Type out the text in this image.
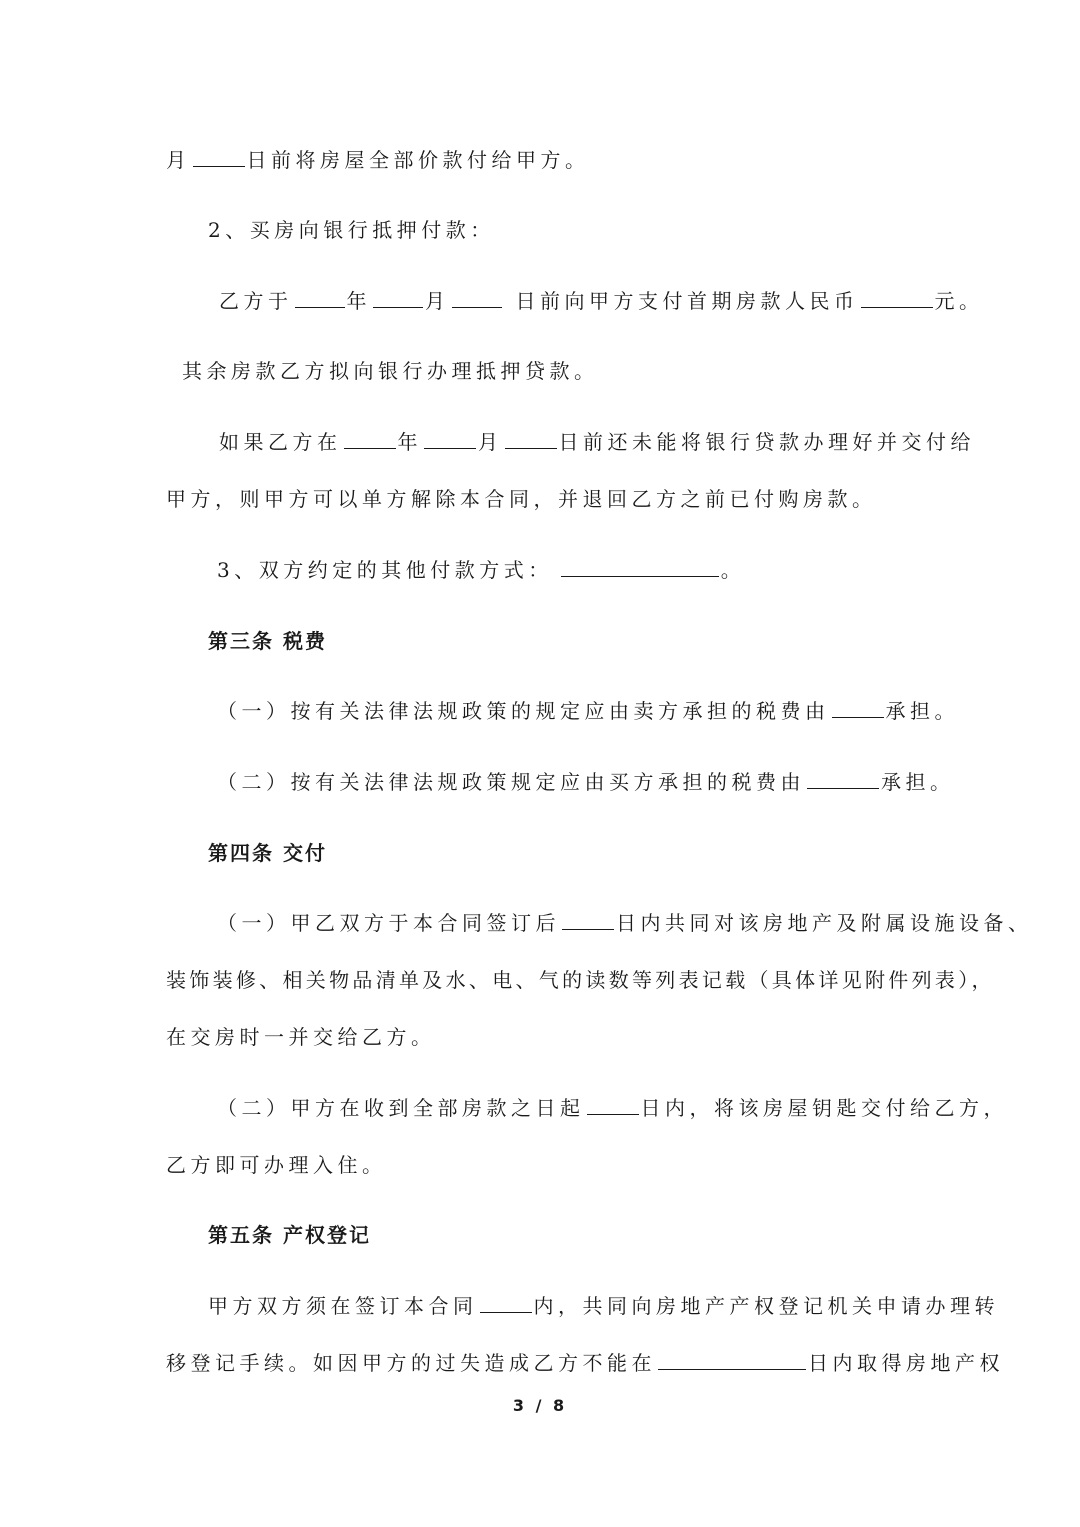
月	日前将房屋全部价款付给甲方。
2、买房向银行抵押付款：
乙方于	年	月	日前向甲方支付首期房款人民币	元。
其余房款乙方拟向银行办理抵押贷款。
如果乙方在	年	月	日前还未能将银行贷款办理好并交付给
甲方，则甲方可以单方解除本合同，并退回乙方之前已付购房款。
3、双方约定的其他付款方式：	。
第三条 税费
（一）按有关法律法规政策的规定应由卖方承担的税费由	承担。
（二）按有关法律法规政策规定应由买方承担的税费由	承担。
第四条 交付
（一）甲乙双方于本合同签订后	日内共同对该房地产及附属设施设备、
装饰装修、相关物品清单及水、电、气的读数等列表记载（具体详见附件列表），
在交房时一并交给乙方。
（二）甲方在收到全部房款之日起	日内，将该房屋钥匙交付给乙方，
乙方即可办理入住。
第五条 产权登记
甲方双方须在签订本合同	内，共同向房地产产权登记机关申请办理转
移登记手续。如因甲方的过失造成乙方不能在	日内取得房地产权
3 / 8
